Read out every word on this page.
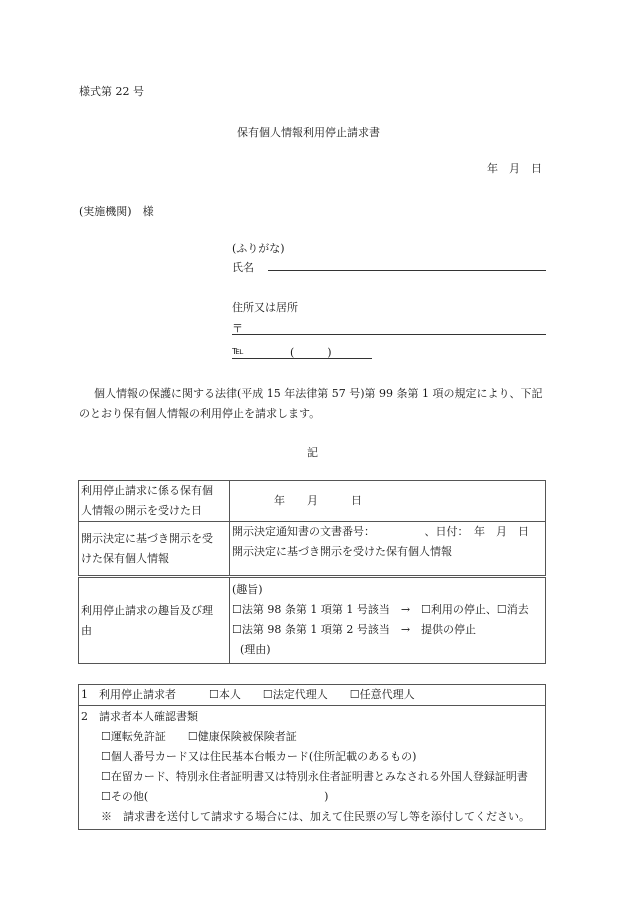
様式第 22 号
保有個人情報利用停止請求書
年　月　日
(実施機関)　様
(ふりがな)
氏名
住所又は居所
〒
℡	(　　　)
個人情報の保護に関する法律(平成 15 年法律第 57 号)第 99 条第 1 項の規定により、下記
のとおり保有個人情報の利用停止を請求します。
記
利用停止請求に係る保有個
人情報の開示を受けた日	年　　月　　　日

開示決定に基づき開示を受
けた保有個人情報	開示決定通知書の文書番号：　　　　　、日付：　年　月　日
開示決定に基づき開示を受けた保有個人情報

利用停止請求の趣旨及び理
由	(趣旨)
☐法第 98 条第 1 項第 1 号該当　→　☐利用の停止、☐消去
☐法第 98 条第 1 項第 2 号該当　→　提供の停止
(理由)
1　利用停止請求者　　　☐本人　　☐法定代理人　　☐任意代理人

2　請求者本人確認書類
☐運転免許証　　☐健康保険被保険者証
☐個人番号カード又は住民基本台帳カード(住所記載のあるもの)
☐在留カード、特別永住者証明書又は特別永住者証明書とみなされる外国人登録証明書
☐その他(　　　　　　　　　　　　　　　　)
※　請求書を送付して請求する場合には、加えて住民票の写し等を添付してください。
